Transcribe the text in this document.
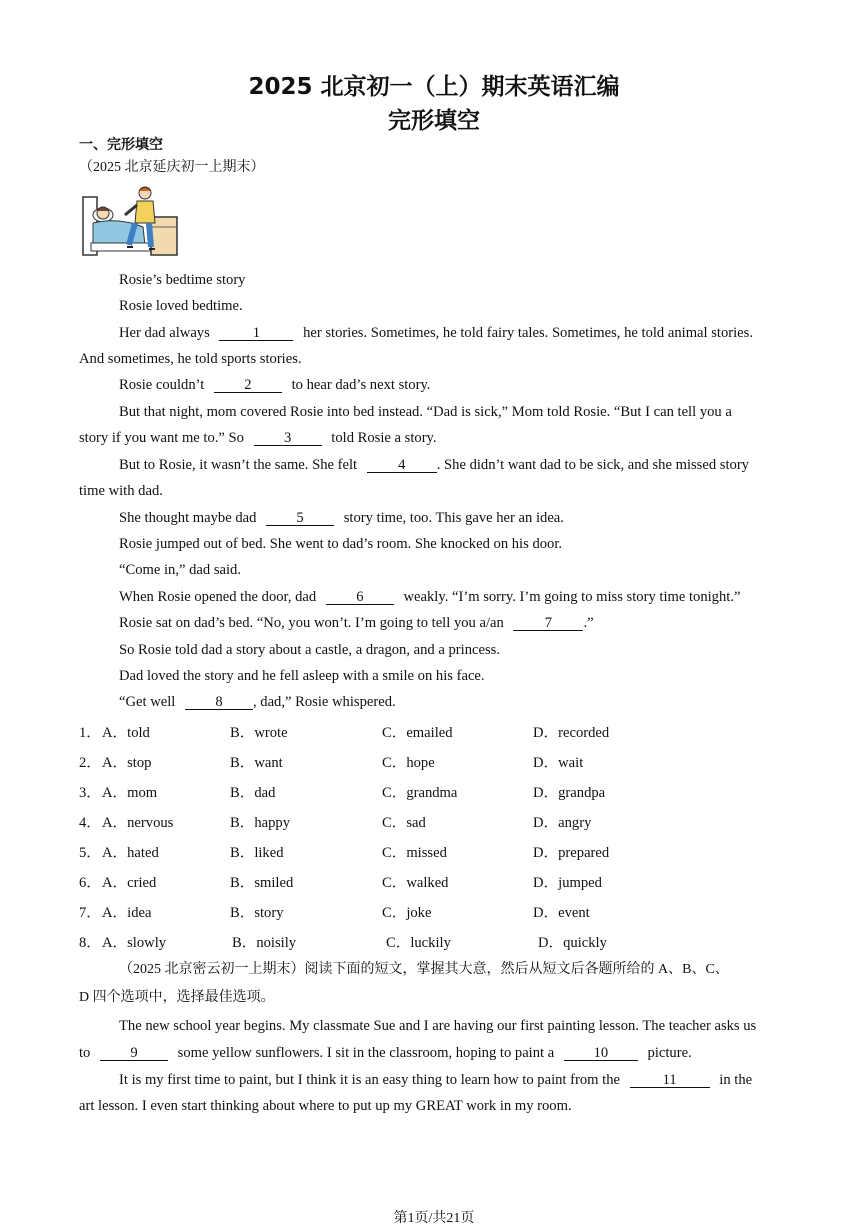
2025 北京初一（上）期末英语汇编
完形填空
一、完形填空
（2025 北京延庆初一上期末）
Rosie’s bedtime story
Rosie loved bedtime.
Her dad always	1	her stories. Sometimes, he told fairy tales. Sometimes, he told animal stories.
And sometimes, he told sports stories.
Rosie couldn’t	2	to hear dad’s next story.
But that night, mom covered Rosie into bed instead. “Dad is sick,” Mom told Rosie. “But I can tell you a
story if you want me to.” So	3	told Rosie a story.
But to Rosie, it wasn’t the same. She felt	4 . She didn’t want dad to be sick, and she missed story
time with dad.
She thought maybe dad	5	story time, too. This gave her an idea.
Rosie jumped out of bed. She went to dad’s room. She knocked on his door.
“Come in,” dad said.
When Rosie opened the door, dad	6	weakly. “I’m sorry. I’m going to miss story time tonight.”
Rosie sat on dad’s bed. “No, you won’t. I’m going to tell you a/an	7 .”
So Rosie told dad a story about a castle, a dragon, and a princess.
Dad loved the story and he fell asleep with a smile on his face.
“Get well	8 , dad,” Rosie whispered.
1． A．told	B．wrote	C．emailed	D．recorded
2． A．stop	B．want	C．hope	D．wait
3． A．mom	B．dad	C．grandma	D．grandpa
4． A．nervous	B．happy	C．sad	D．angry
5． A．hated	B．liked	C．missed	D．prepared
6． A．cried	B．smiled	C．walked	D．jumped
7． A．idea	B．story	C．joke	D．event
8． A．slowly	B．noisily	C．luckily	D．quickly
（2025 北京密云初一上期末）阅读下面的短文，掌握其大意，然后从短文后各题所给的 A、B、C、
D 四个选项中，选择最佳选项。
The new school year begins. My classmate Sue and I are having our first painting lesson. The teacher asks us
to	9	some yellow sunflowers. I sit in the classroom, hoping to paint a	10	picture.
It is my first time to paint, but I think it is an easy thing to learn how to paint from the	11	in the
art lesson. I even start thinking about where to put up my GREAT work in my room.
第1页/共21页
